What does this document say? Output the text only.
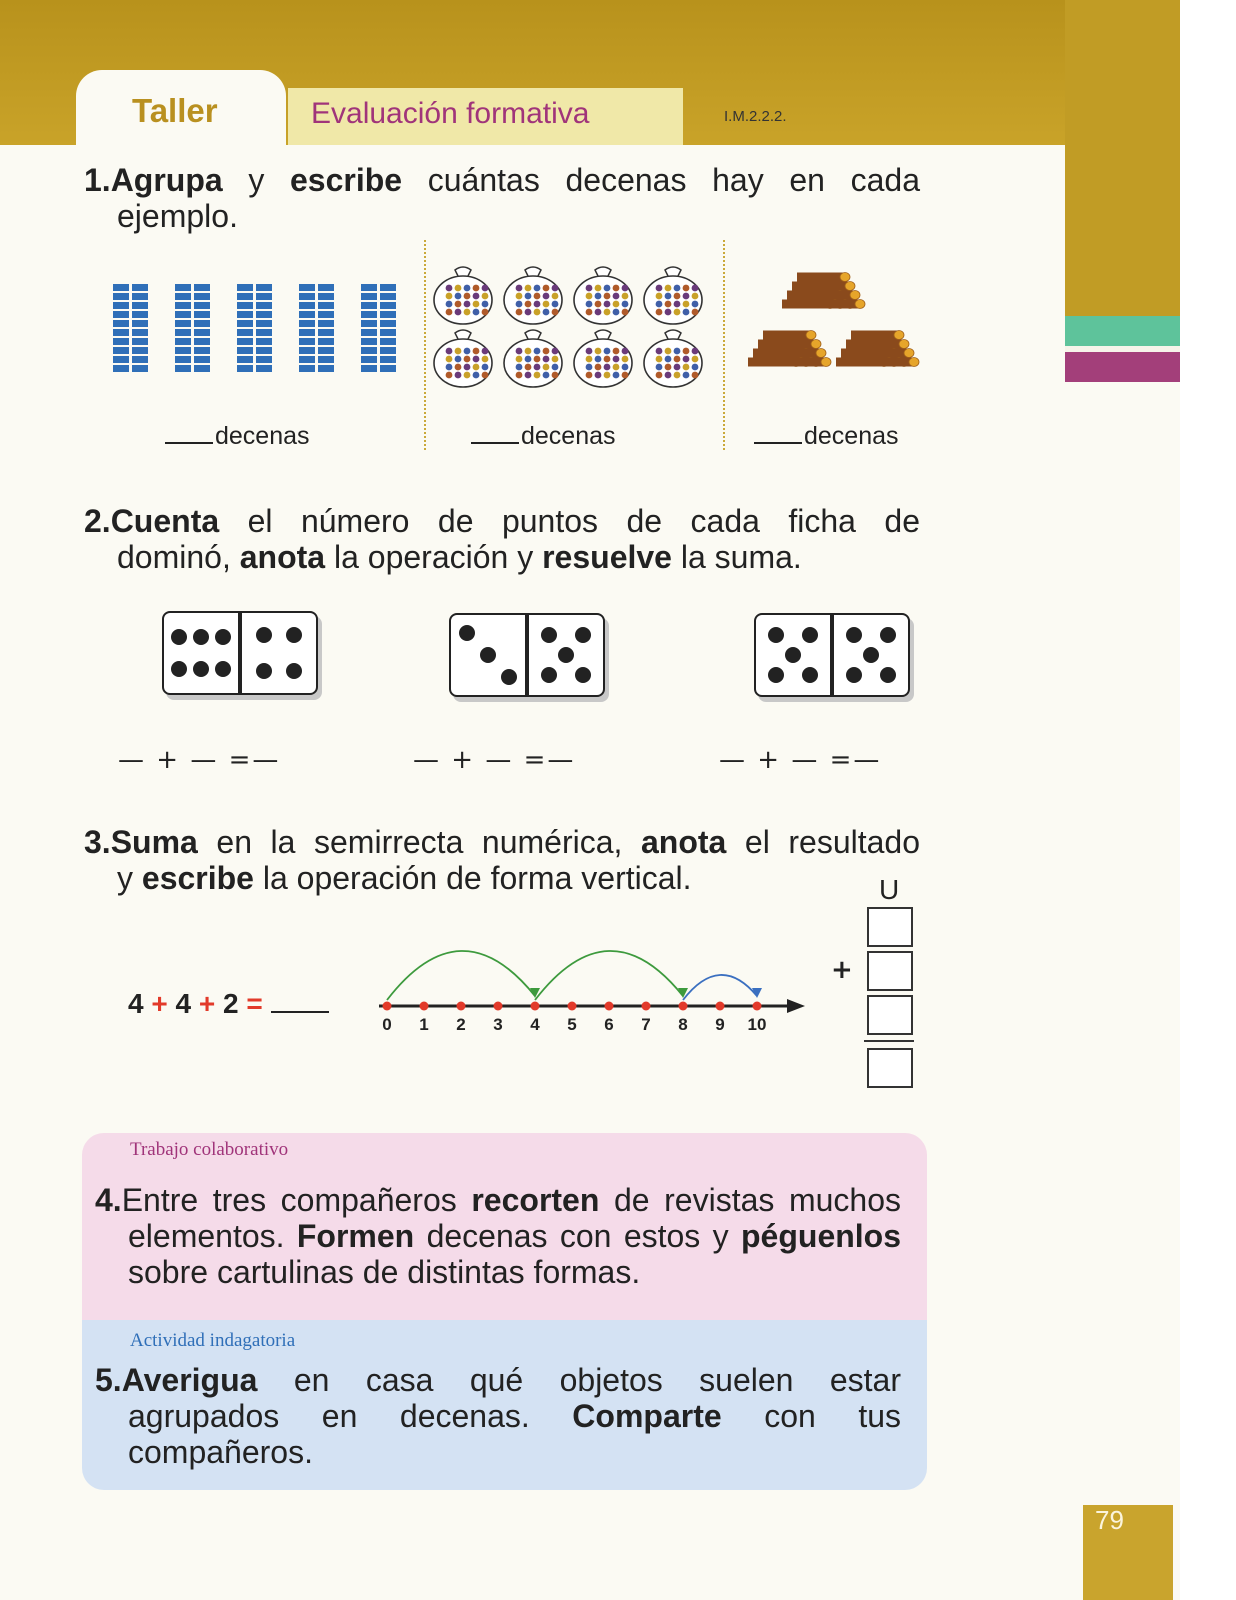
Taller	Evaluación formativa	I.M.2.2.2.
1.Agrupa y escribe cuántas decenas hay en cada
ejemplo.
decenas	decenas	decenas
2.Cuenta el número de puntos de cada ficha de
dominó, anota la operación y resuelve la suma.
— + — =—	— + — =—	— + — =—
3.Suma en la semirrecta numérica, anota el resultado
y escribe la operación de forma vertical.
4 + 4 + 2 =
0 1 2 3 4 5 6 7 8 9 10
U
+
Trabajo colaborativo
4.Entre tres compañeros recorten de revistas muchos
elementos. Formen decenas con estos y péguenlos
sobre cartulinas de distintas formas.
Actividad indagatoria
5.Averigua en casa qué objetos suelen estar
agrupados en decenas. Comparte con tus
compañeros.
79
